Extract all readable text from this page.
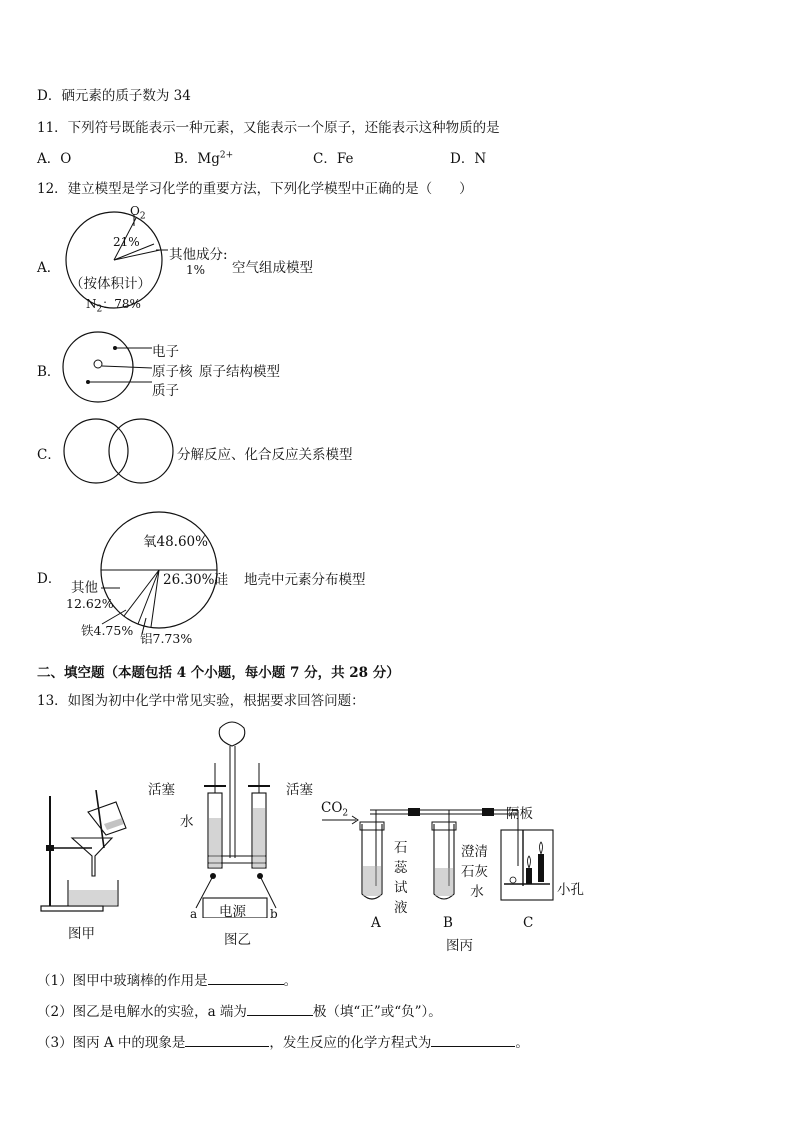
D．硒元素的质子数为 34
11．下列符号既能表示一种元素，又能表示一个原子，还能表示这种物质的是
A．O	B．$Mg^{2+}$	C．Fe	D．N
12．建立模型是学习化学的重要方法，下列化学模型中正确的是（　　）
A．
$O_2$
21%
其他成分:
1% 空气组成模型
（按体积计）
$N_2$：78%
B．
电子
原子核 原子结构模型
质子
C．	分解反应、化合反应关系模型
D．
氧48.60%
26.30%硅 地壳中元素分布模型
其他
12.62%
铁4.75%
铝7.73%
二、填空题（本题包括 4 个小题，每小题 7 分，共 28 分）
13．如图为初中化学中常见实验，根据要求回答问题：
图甲
活塞	活塞
水
电源
a	b
图乙
$CO_2$
石
蕊
试
液
澄清
石灰
水
隔板
小孔
A	B	C
图丙
（1）图甲中玻璃棒的作用是	。
（2）图乙是电解水的实验，a 端为	极（填“正”或“负”）。
（3）图丙 A 中的现象是	，发生反应的化学方程式为	。
